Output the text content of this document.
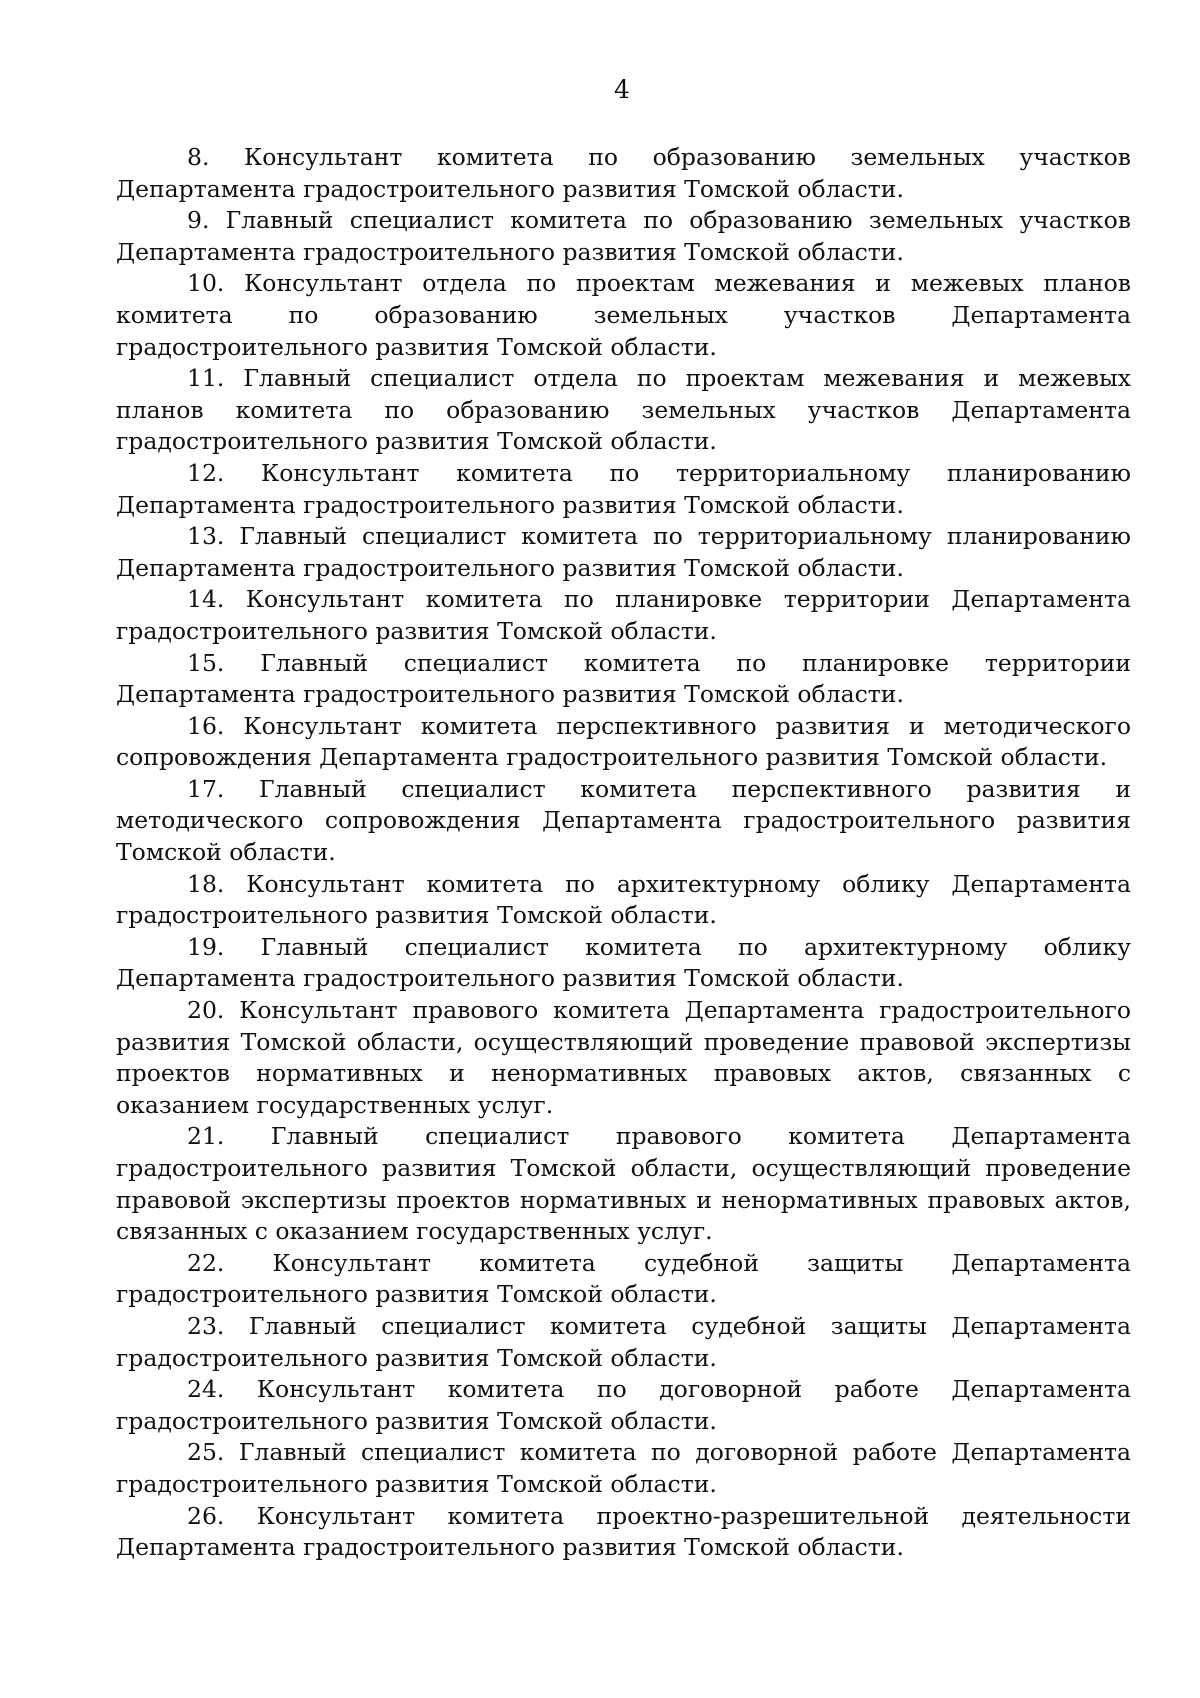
4

8. Консультант комитета по образованию земельных участков Департамента градостроительного развития Томской области.

9. Главный специалист комитета по образованию земельных участков Департамента градостроительного развития Томской области.

10. Консультант отдела по проектам межевания и межевых планов комитета по образованию земельных участков Департамента градостроительного развития Томской области.

11. Главный специалист отдела по проектам межевания и межевых планов комитета по образованию земельных участков Департамента градостроительного развития Томской области.

12. Консультант комитета по территориальному планированию Департамента градостроительного развития Томской области.

13. Главный специалист комитета по территориальному планированию Департамента градостроительного развития Томской области.

14. Консультант комитета по планировке территории Департамента градостроительного развития Томской области.

15. Главный специалист комитета по планировке территории Департамента градостроительного развития Томской области.

16. Консультант комитета перспективного развития и методического сопровождения Департамента градостроительного развития Томской области.

17. Главный специалист комитета перспективного развития и методического сопровождения Департамента градостроительного развития Томской области.

18. Консультант комитета по архитектурному облику Департамента градостроительного развития Томской области.

19. Главный специалист комитета по архитектурному облику Департамента градостроительного развития Томской области.

20. Консультант правового комитета Департамента градостроительного развития Томской области, осуществляющий проведение правовой экспертизы проектов нормативных и ненормативных правовых актов, связанных с оказанием государственных услуг.

21. Главный специалист правового комитета Департамента градостроительного развития Томской области, осуществляющий проведение правовой экспертизы проектов нормативных и ненормативных правовых актов, связанных с оказанием государственных услуг.

22. Консультант комитета судебной защиты Департамента градостроительного развития Томской области.

23. Главный специалист комитета судебной защиты Департамента градостроительного развития Томской области.

24. Консультант комитета по договорной работе Департамента градостроительного развития Томской области.

25. Главный специалист комитета по договорной работе Департамента градостроительного развития Томской области.

26. Консультант комитета проектно-разрешительной деятельности Департамента градостроительного развития Томской области.
